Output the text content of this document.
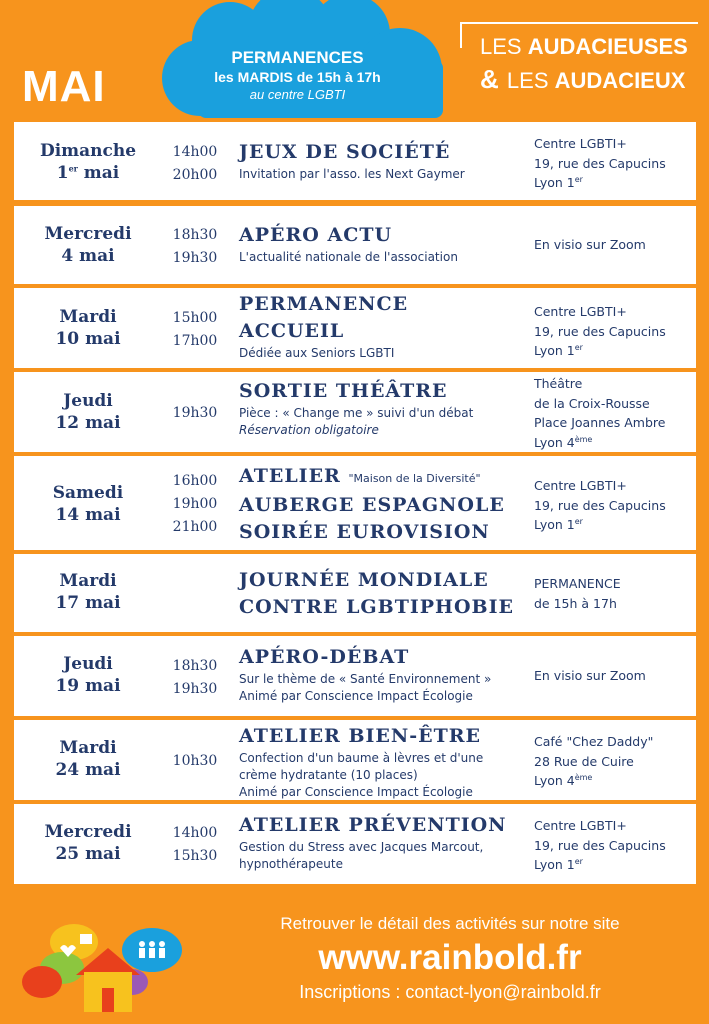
MAI
PERMANENCES
les MARDIS de 15h à 17h
au centre LGBTI
LES AUDACIEUSES
& LES AUDACIEUX
Dimanche
1er mai
14h00
20h00
JEUX DE SOCIÉTÉ
Invitation par l'asso. les Next Gaymer
Centre LGBTI+
19, rue des Capucins
Lyon 1er
Mercredi
4 mai
18h30
19h30
APÉRO ACTU
L'actualité nationale de l'association
En visio sur Zoom
Mardi
10 mai
15h00
17h00
PERMANENCE
ACCUEIL
Dédiée aux Seniors LGBTI
Centre LGBTI+
19, rue des Capucins
Lyon 1er
Jeudi
12 mai	19h30
SORTIE THÉÂTRE
Pièce : « Change me » suivi d'un débat
Réservation obligatoire
Théâtre
de la Croix-Rousse
Place Joannes Ambre
Lyon 4ème
Samedi
14 mai
16h00
19h00
21h00
ATELIER "Maison de la Diversité"
AUBERGE ESPAGNOLE
SOIRÉE EUROVISION
Centre LGBTI+
19, rue des Capucins
Lyon 1er
Mardi
17 mai
JOURNÉE MONDIALE
CONTRE LGBTIPHOBIE
PERMANENCE
de 15h à 17h
Jeudi
19 mai
18h30
19h30
APÉRO-DÉBAT
Sur le thème de « Santé Environnement »
Animé par Conscience Impact Écologie
En visio sur Zoom
Mardi
24 mai	10h30
ATELIER BIEN-ÊTRE
Confection d'un baume à lèvres et d'une
crème hydratante (10 places)
Animé par Conscience Impact Écologie
Café "Chez Daddy"
28 Rue de Cuire
Lyon 4ème
Mercredi
25 mai
14h00
15h30
ATELIER PRÉVENTION
Gestion du Stress avec Jacques Marcout,
hypnothérapeute
Centre LGBTI+
19, rue des Capucins
Lyon 1er
Retrouver le détail des activités sur notre site
www.rainbold.fr
Inscriptions : contact-lyon@rainbold.fr
